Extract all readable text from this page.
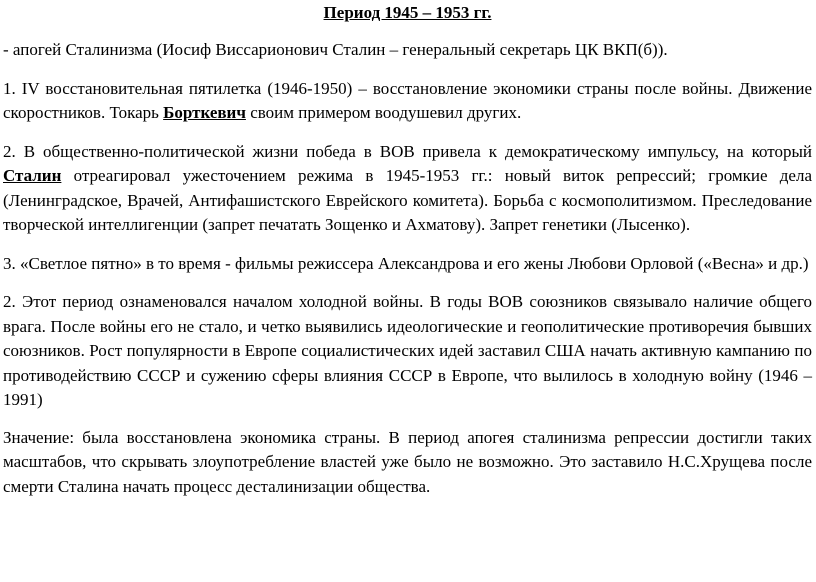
Период 1945 – 1953 гг.

- апогей Сталинизма (Иосиф Виссарионович Сталин – генеральный секретарь ЦК ВКП(б)).

1. IV восстановительная пятилетка (1946-1950) – восстановление экономики страны после войны. Движение скоростников. Токарь Борткевич своим примером воодушевил других.

2. В общественно-политической жизни победа в ВОВ привела к демократическому импульсу, на который Сталин отреагировал ужесточением режима в 1945-1953 гг.: новый виток репрессий; громкие дела (Ленинградское, Врачей, Антифашистского Еврейского комитета). Борьба с космополитизмом. Преследование творческой интеллигенции (запрет печатать Зощенко и Ахматову). Запрет генетики (Лысенко).

3. «Светлое пятно» в то время - фильмы режиссера Александрова и его жены Любови Орловой («Весна» и др.)

2. Этот период ознаменовался началом холодной войны. В годы ВОВ союзников связывало наличие общего врага. После войны его не стало, и четко выявились идеологические и геополитические противоречия бывших союзников. Рост популярности в Европе социалистических идей заставил США начать активную кампанию по противодействию СССР и сужению сферы влияния СССР в Европе, что вылилось в холодную войну (1946 – 1991)

Значение: была восстановлена экономика страны. В период апогея сталинизма репрессии достигли таких масштабов, что скрывать злоупотребление властей уже было не возможно. Это заставило Н.С.Хрущева после смерти Сталина начать процесс десталинизации общества.
